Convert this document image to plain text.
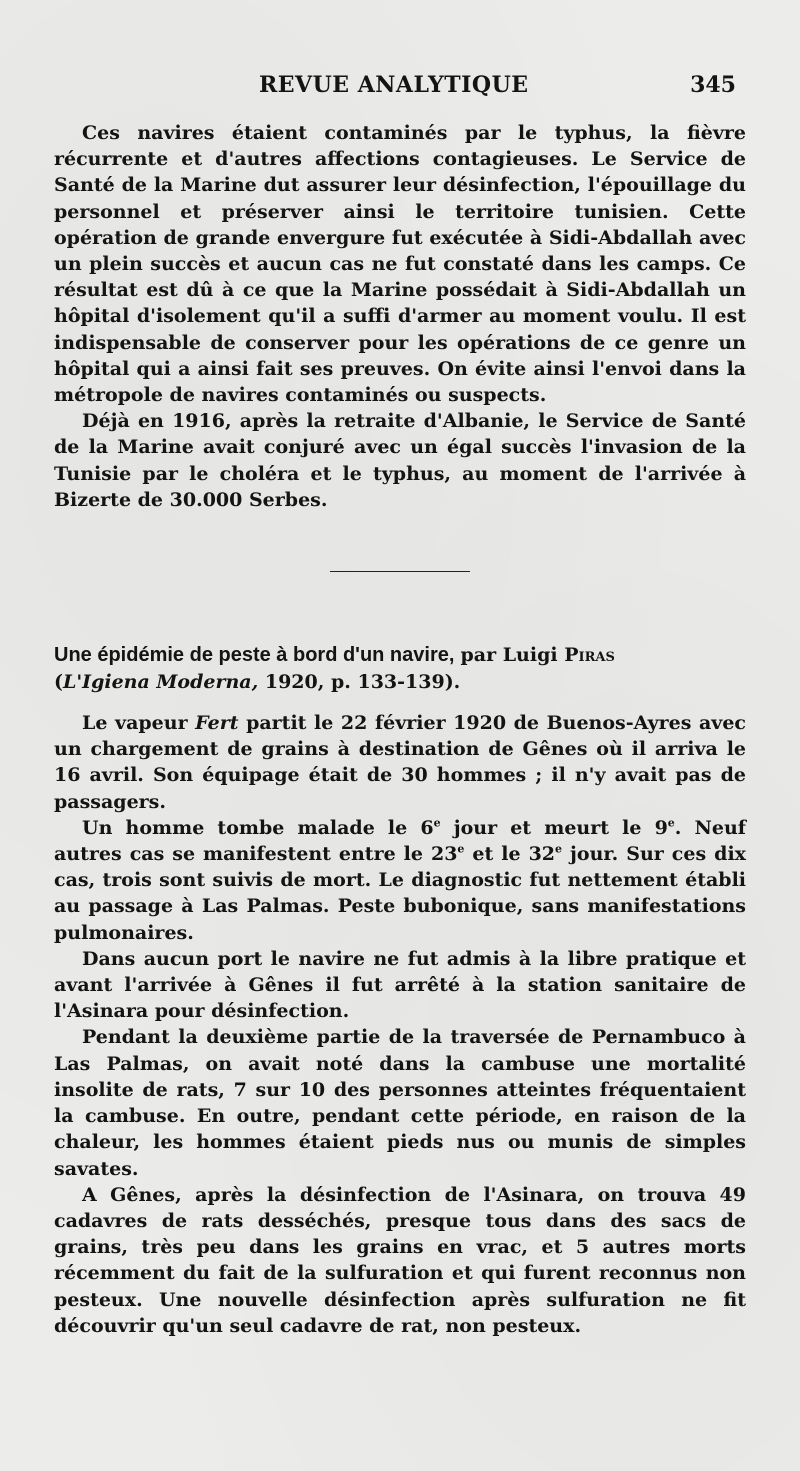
REVUE ANALYTIQUE	345

Ces navires étaient contaminés par le typhus, la fièvre récurrente et d'autres affections contagieuses. Le Service de Santé de la Marine dut assurer leur désinfection, l'épouillage du personnel et préserver ainsi le territoire tunisien. Cette opération de grande envergure fut exécutée à Sidi-Abdallah avec un plein succès et aucun cas ne fut constaté dans les camps. Ce résultat est dû à ce que la Marine possédait à Sidi-Abdallah un hôpital d'isolement qu'il a suffi d'armer au moment voulu. Il est indispensable de conserver pour les opérations de ce genre un hôpital qui a ainsi fait ses preuves. On évite ainsi l'envoi dans la métropole de navires contaminés ou suspects.

Déjà en 1916, après la retraite d'Albanie, le Service de Santé de la Marine avait conjuré avec un égal succès l'invasion de la Tunisie par le choléra et le typhus, au moment de l'arrivée à Bizerte de 30.000 Serbes.

Une épidémie de peste à bord d'un navire, par Luigi Piras
(L'Igiena Moderna, 1920, p. 133-139).

Le vapeur Fert partit le 22 février 1920 de Buenos-Ayres avec un chargement de grains à destination de Gênes où il arriva le 16 avril. Son équipage était de 30 hommes ; il n'y avait pas de passagers.

Un homme tombe malade le 6e jour et meurt le 9e. Neuf autres cas se manifestent entre le 23e et le 32e jour. Sur ces dix cas, trois sont suivis de mort. Le diagnostic fut nettement établi au passage à Las Palmas. Peste bubonique, sans manifestations pulmonaires.

Dans aucun port le navire ne fut admis à la libre pratique et avant l'arrivée à Gênes il fut arrêté à la station sanitaire de l'Asinara pour désinfection.

Pendant la deuxième partie de la traversée de Pernambuco à Las Palmas, on avait noté dans la cambuse une mortalité insolite de rats, 7 sur 10 des personnes atteintes fréquentaient la cambuse. En outre, pendant cette période, en raison de la chaleur, les hommes étaient pieds nus ou munis de simples savates.

A Gênes, après la désinfection de l'Asinara, on trouva 49 cadavres de rats desséchés, presque tous dans des sacs de grains, très peu dans les grains en vrac, et 5 autres morts récemment du fait de la sulfuration et qui furent reconnus non pesteux. Une nouvelle désinfection après sulfuration ne fit découvrir qu'un seul cadavre de rat, non pesteux.
